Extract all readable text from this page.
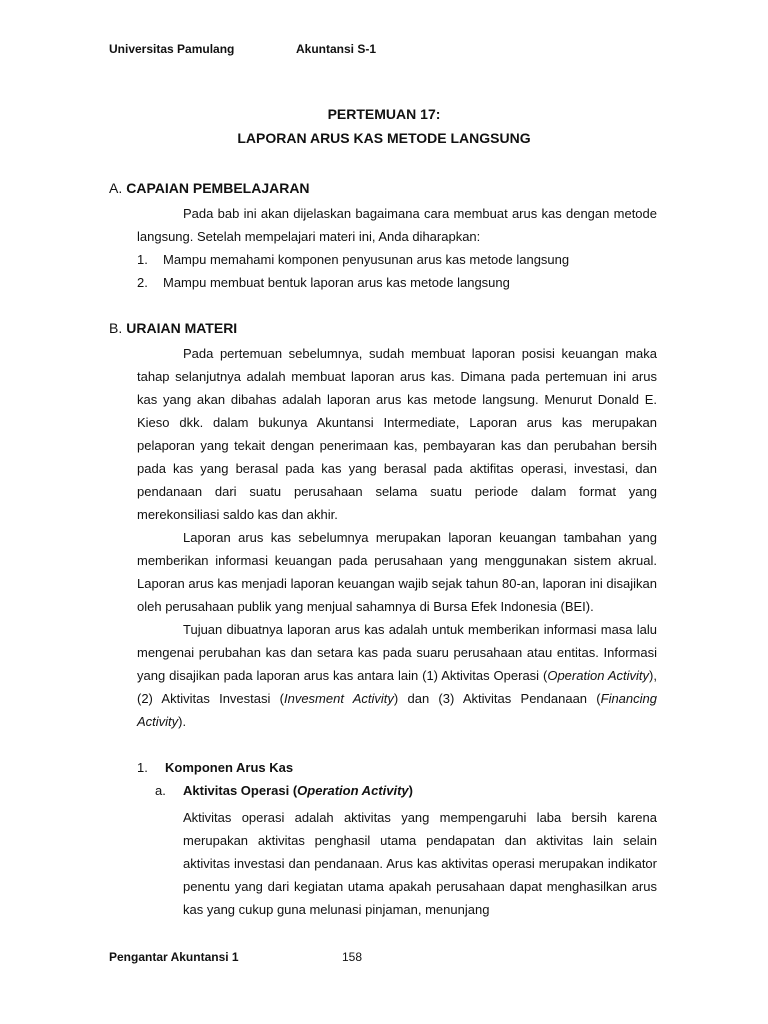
Universitas Pamulang	Akuntansi S-1
PERTEMUAN 17:
LAPORAN ARUS KAS METODE LANGSUNG
A. CAPAIAN PEMBELAJARAN

Pada bab ini akan dijelaskan bagaimana cara membuat arus kas dengan metode langsung. Setelah mempelajari materi ini, Anda diharapkan:

1. Mampu memahami komponen penyusunan arus kas metode langsung
2. Mampu membuat bentuk laporan arus kas metode langsung
B. URAIAN MATERI

Pada pertemuan sebelumnya, sudah membuat laporan posisi keuangan maka tahap selanjutnya adalah membuat laporan arus kas. Dimana pada pertemuan ini arus kas yang akan dibahas adalah laporan arus kas metode langsung. Menurut Donald E. Kieso dkk. dalam bukunya Akuntansi Intermediate, Laporan arus kas merupakan pelaporan yang tekait dengan penerimaan kas, pembayaran kas dan perubahan bersih pada kas yang berasal pada kas yang berasal pada aktifitas operasi, investasi, dan pendanaan dari suatu perusahaan selama suatu periode dalam format yang merekonsiliasi saldo kas dan akhir.

Laporan arus kas sebelumnya merupakan laporan keuangan tambahan yang memberikan informasi keuangan pada perusahaan yang menggunakan sistem akrual. Laporan arus kas menjadi laporan keuangan wajib sejak tahun 80-an, laporan ini disajikan oleh perusahaan publik yang menjual sahamnya di Bursa Efek Indonesia (BEI).

Tujuan dibuatnya laporan arus kas adalah untuk memberikan informasi masa lalu mengenai perubahan kas dan setara kas pada suaru perusahaan atau entitas. Informasi yang disajikan pada laporan arus kas antara lain (1) Aktivitas Operasi (Operation Activity), (2) Aktivitas Investasi (Invesment Activity) dan (3) Aktivitas Pendanaan (Financing Activity).

1. Komponen Arus Kas
a. Aktivitas Operasi (Operation Activity)

Aktivitas operasi adalah aktivitas yang mempengaruhi laba bersih karena merupakan aktivitas penghasil utama pendapatan dan aktivitas lain selain aktivitas investasi dan pendanaan. Arus kas aktivitas operasi merupakan indikator penentu yang dari kegiatan utama apakah perusahaan dapat menghasilkan arus kas yang cukup guna melunasi pinjaman, menunjang

Pengantar Akuntansi 1	158
